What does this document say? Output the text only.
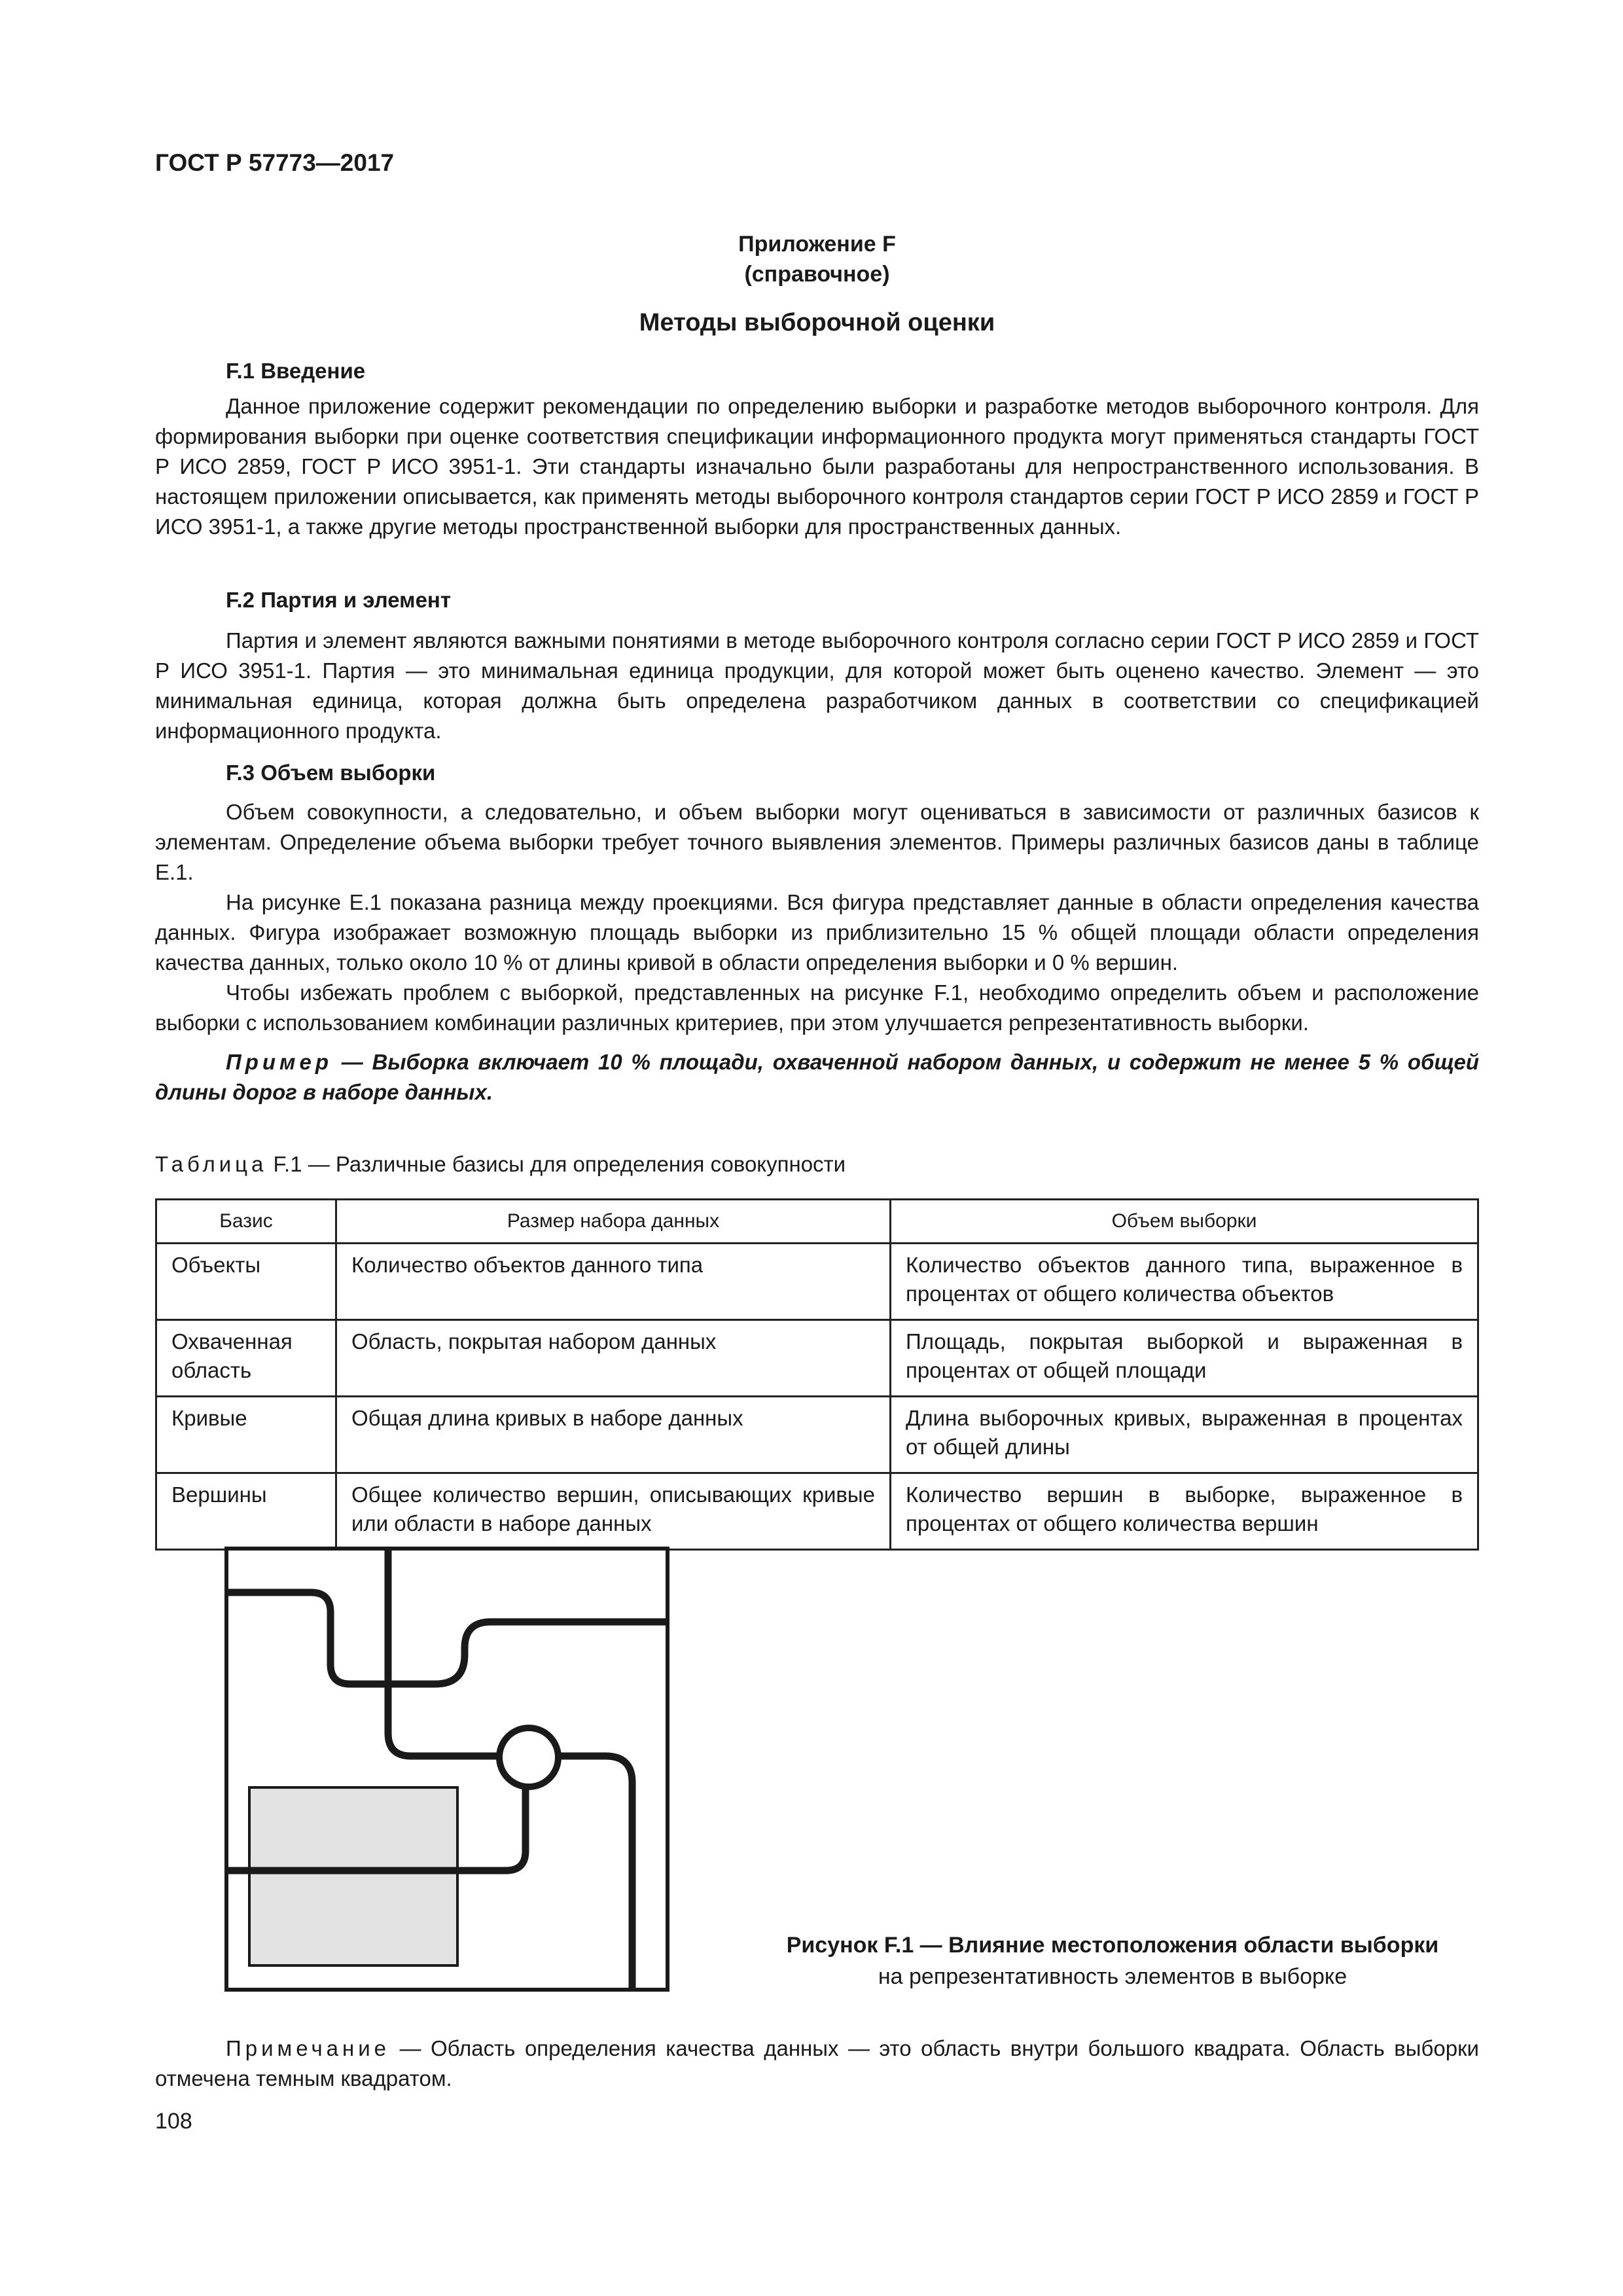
ГОСТ Р 57773—2017
Приложение F
(справочное)
Методы выборочной оценки
F.1 Введение

Данное приложение содержит рекомендации по определению выборки и разработке методов выборочного контроля. Для формирования выборки при оценке соответствия спецификации информационного продукта могут применяться стандарты ГОСТ Р ИСО 2859, ГОСТ Р ИСО 3951-1. Эти стандарты изначально были разработаны для непространственного использования. В настоящем приложении описывается, как применять методы выборочного контроля стандартов серии ГОСТ Р ИСО 2859 и ГОСТ Р ИСО 3951-1, а также другие методы пространственной выборки для пространственных данных.

F.2 Партия и элемент

Партия и элемент являются важными понятиями в методе выборочного контроля согласно серии ГОСТ Р ИСО 2859 и ГОСТ Р ИСО 3951-1. Партия — это минимальная единица продукции, для которой может быть оценено качество. Элемент — это минимальная единица, которая должна быть определена разработчиком данных в соответствии со спецификацией информационного продукта.

F.3 Объем выборки

Объем совокупности, а следовательно, и объем выборки могут оцениваться в зависимости от различных базисов к элементам. Определение объема выборки требует точного выявления элементов. Примеры различных базисов даны в таблице Е.1.

На рисунке Е.1 показана разница между проекциями. Вся фигура представляет данные в области определения качества данных. Фигура изображает возможную площадь выборки из приблизительно 15 % общей площади области определения качества данных, только около 10 % от длины кривой в области определения выборки и 0 % вершин.

Чтобы избежать проблем с выборкой, представленных на рисунке F.1, необходимо определить объем и расположение выборки с использованием комбинации различных критериев, при этом улучшается репрезентативность выборки.

Пример — Выборка включает 10 % площади, охваченной набором данных, и содержит не менее 5 % общей длины дорог в наборе данных.

Таблица F.1 — Различные базисы для определения совокупности
Базис	Размер набора данных	Объем выборки
Объекты	Количество объектов данного типа	Количество объектов данного типа, выраженное в процентах от общего количества объектов
Охваченная область	Область, покрытая набором данных	Площадь, покрытая выборкой и выраженная в процентах от общей площади
Кривые	Общая длина кривых в наборе данных	Длина выборочных кривых, выраженная в процентах от общей длины
Вершины	Общее количество вершин, описывающих кривые или области в наборе данных	Количество вершин в выборке, выраженное в процентах от общего количества вершин
Рисунок F.1 — Влияние местоположения области выборки
на репрезентативность элементов в выборке

Примечание — Область определения качества данных — это область внутри большого квадрата. Область выборки отмечена темным квадратом.

108
